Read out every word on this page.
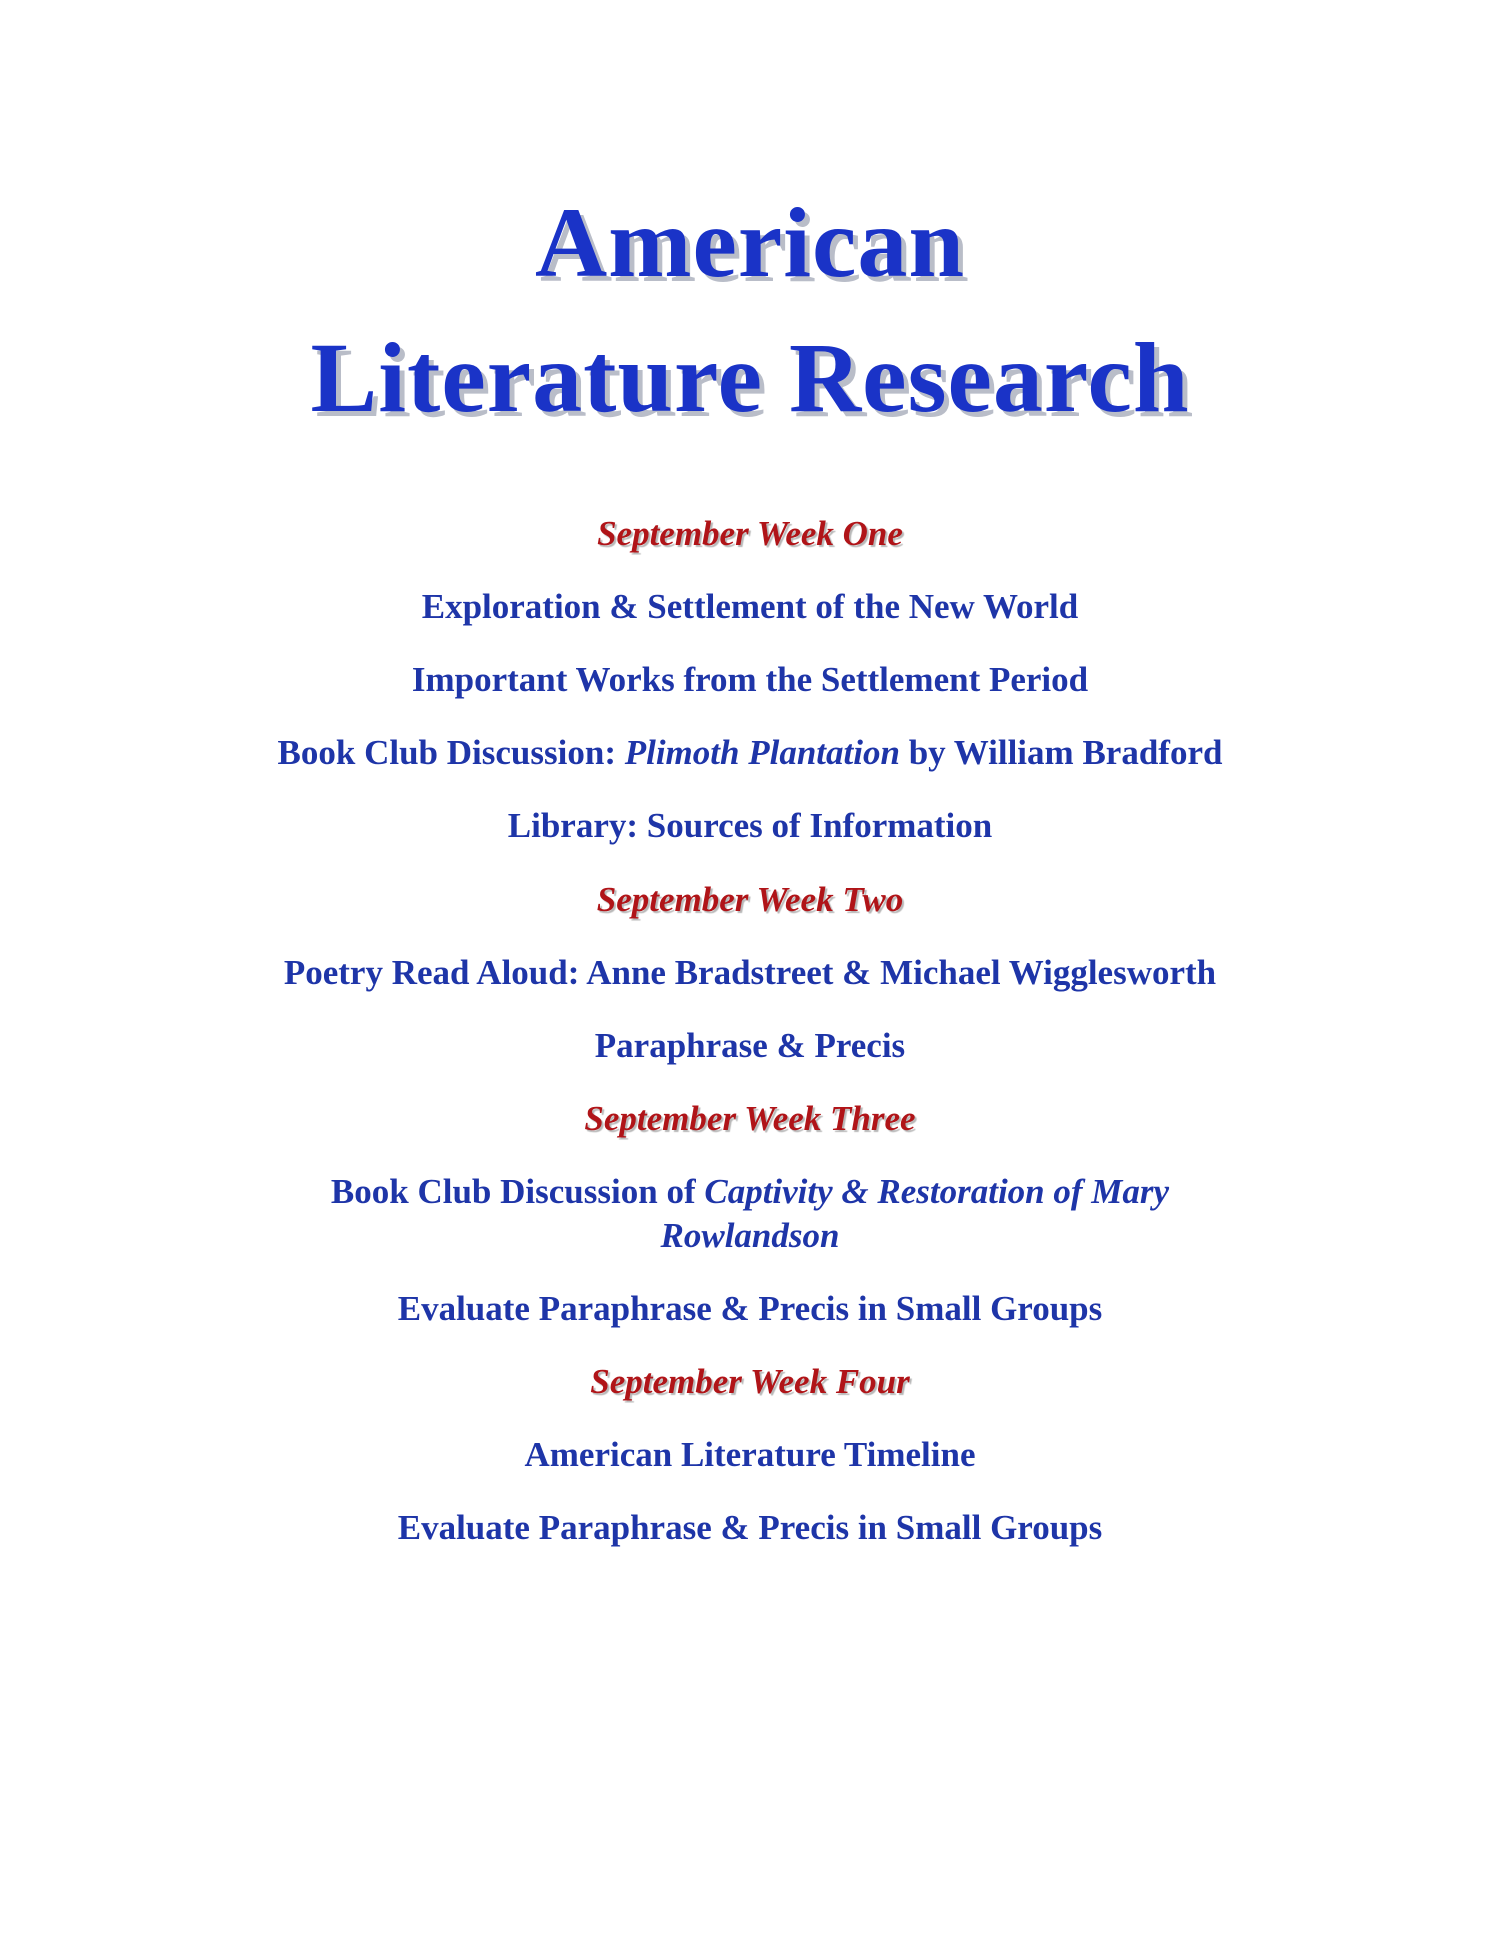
American
Literature Research
September Week One
Exploration & Settlement of the New World
Important Works from the Settlement Period
Book Club Discussion: Plimoth Plantation by William Bradford
Library: Sources of Information
September Week Two
Poetry Read Aloud: Anne Bradstreet & Michael Wigglesworth
Paraphrase & Precis
September Week Three
Book Club Discussion of Captivity & Restoration of Mary
Rowlandson
Evaluate Paraphrase & Precis in Small Groups
September Week Four
American Literature Timeline
Evaluate Paraphrase & Precis in Small Groups
